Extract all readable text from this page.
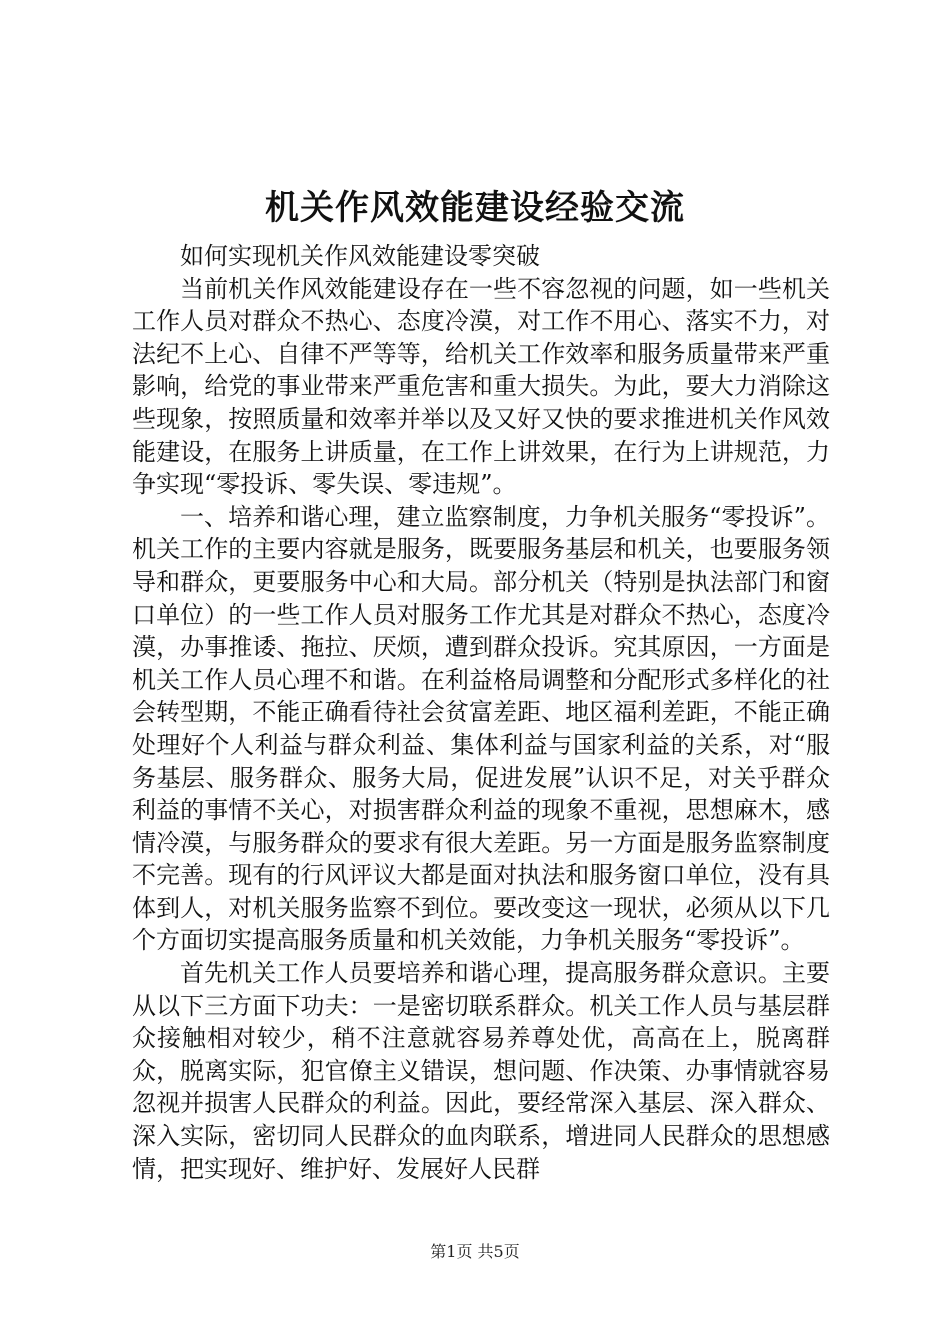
机关作风效能建设经验交流

如何实现机关作风效能建设零突破

当前机关作风效能建设存在一些不容忽视的问题，如一些机关工作人员对群众不热心、态度冷漠，对工作不用心、落实不力，对法纪不上心、自律不严等等，给机关工作效率和服务质量带来严重影响，给党的事业带来严重危害和重大损失。为此，要大力消除这些现象，按照质量和效率并举以及又好又快的要求推进机关作风效能建设，在服务上讲质量，在工作上讲效果，在行为上讲规范，力争实现“零投诉、零失误、零违规”。

一、培养和谐心理，建立监察制度，力争机关服务“零投诉”。机关工作的主要内容就是服务，既要服务基层和机关，也要服务领导和群众，更要服务中心和大局。部分机关（特别是执法部门和窗口单位）的一些工作人员对服务工作尤其是对群众不热心，态度冷漠，办事推诿、拖拉、厌烦，遭到群众投诉。究其原因，一方面是机关工作人员心理不和谐。在利益格局调整和分配形式多样化的社会转型期，不能正确看待社会贫富差距、地区福利差距，不能正确处理好个人利益与群众利益、集体利益与国家利益的关系，对“服务基层、服务群众、服务大局，促进发展”认识不足，对关乎群众利益的事情不关心，对损害群众利益的现象不重视，思想麻木，感情冷漠，与服务群众的要求有很大差距。另一方面是服务监察制度不完善。现有的行风评议大都是面对执法和服务窗口单位，没有具体到人，对机关服务监察不到位。要改变这一现状，必须从以下几个方面切实提高服务质量和机关效能，力争机关服务“零投诉”。

首先机关工作人员要培养和谐心理，提高服务群众意识。主要从以下三方面下功夫：一是密切联系群众。机关工作人员与基层群众接触相对较少，稍不注意就容易养尊处优，高高在上，脱离群众，脱离实际，犯官僚主义错误，想问题、作决策、办事情就容易忽视并损害人民群众的利益。因此，要经常深入基层、深入群众、深入实际，密切同人民群众的血肉联系，增进同人民群众的思想感情，把实现好、维护好、发展好人民群

第1页 共5页
